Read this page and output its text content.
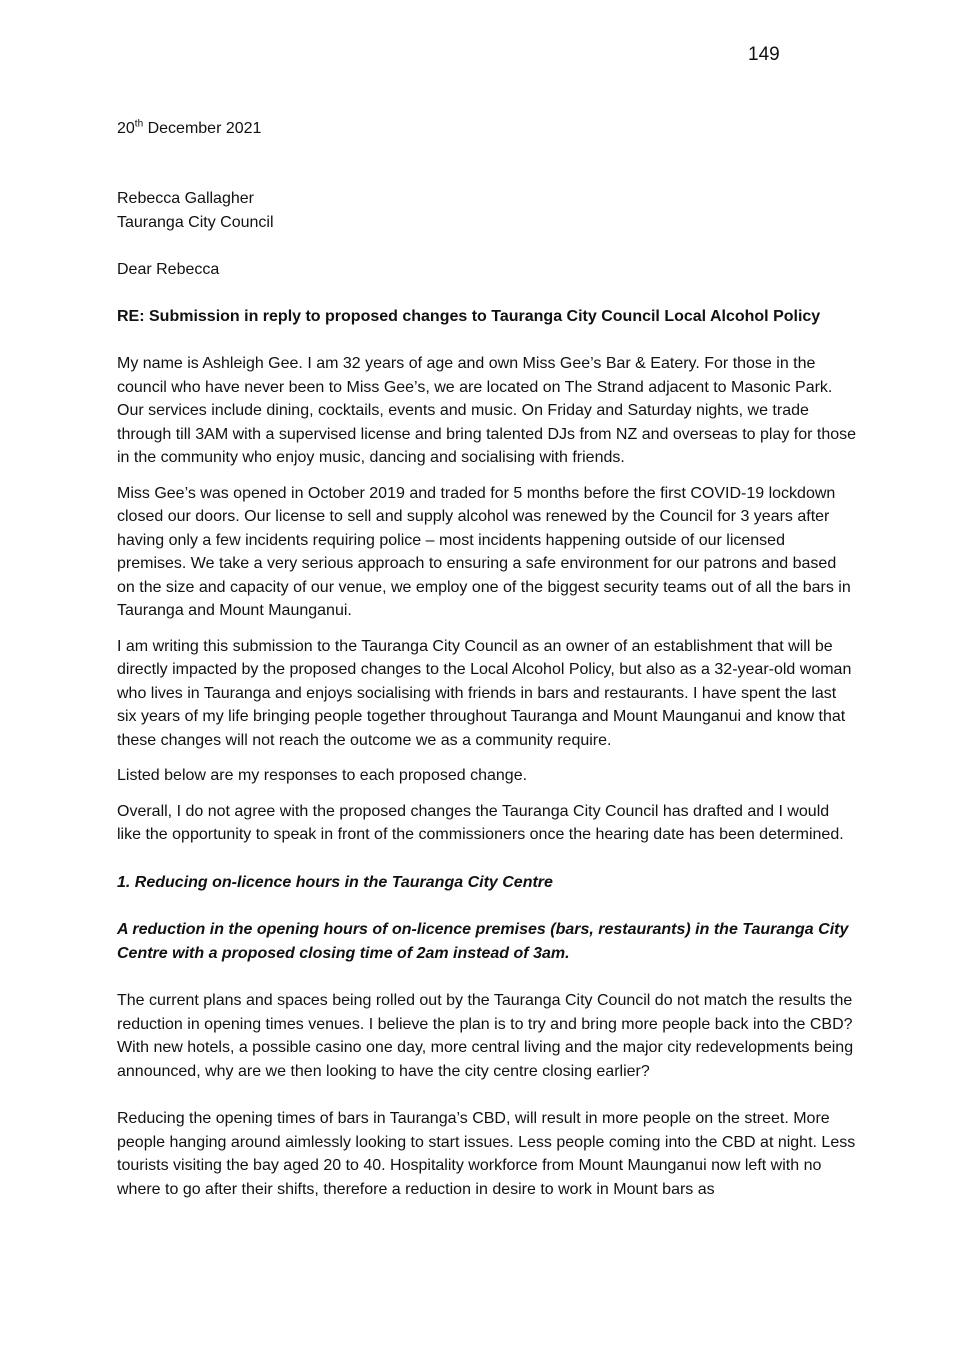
149
20th December 2021
Rebecca Gallagher
Tauranga City Council
Dear Rebecca
RE: Submission in reply to proposed changes to Tauranga City Council Local Alcohol Policy

My name is Ashleigh Gee. I am 32 years of age and own Miss Gee’s Bar & Eatery. For those in the council who have never been to Miss Gee’s, we are located on The Strand adjacent to Masonic Park. Our services include dining, cocktails, events and music. On Friday and Saturday nights, we trade through till 3AM with a supervised license and bring talented DJs from NZ and overseas to play for those in the community who enjoy music, dancing and socialising with friends.

Miss Gee’s was opened in October 2019 and traded for 5 months before the first COVID-19 lockdown closed our doors. Our license to sell and supply alcohol was renewed by the Council for 3 years after having only a few incidents requiring police – most incidents happening outside of our licensed premises. We take a very serious approach to ensuring a safe environment for our patrons and based on the size and capacity of our venue, we employ one of the biggest security teams out of all the bars in Tauranga and Mount Maunganui.

I am writing this submission to the Tauranga City Council as an owner of an establishment that will be directly impacted by the proposed changes to the Local Alcohol Policy, but also as a 32-year-old woman who lives in Tauranga and enjoys socialising with friends in bars and restaurants. I have spent the last six years of my life bringing people together throughout Tauranga and Mount Maunganui and know that these changes will not reach the outcome we as a community require.

Listed below are my responses to each proposed change.

Overall, I do not agree with the proposed changes the Tauranga City Council has drafted and I would like the opportunity to speak in front of the commissioners once the hearing date has been determined.

1. Reducing on-licence hours in the Tauranga City Centre

A reduction in the opening hours of on-licence premises (bars, restaurants) in the Tauranga City Centre with a proposed closing time of 2am instead of 3am.

The current plans and spaces being rolled out by the Tauranga City Council do not match the results the reduction in opening times venues. I believe the plan is to try and bring more people back into the CBD? With new hotels, a possible casino one day, more central living and the major city redevelopments being announced, why are we then looking to have the city centre closing earlier?

Reducing the opening times of bars in Tauranga’s CBD, will result in more people on the street. More people hanging around aimlessly looking to start issues. Less people coming into the CBD at night. Less tourists visiting the bay aged 20 to 40. Hospitality workforce from Mount Maunganui now left with no where to go after their shifts, therefore a reduction in desire to work in Mount bars as
